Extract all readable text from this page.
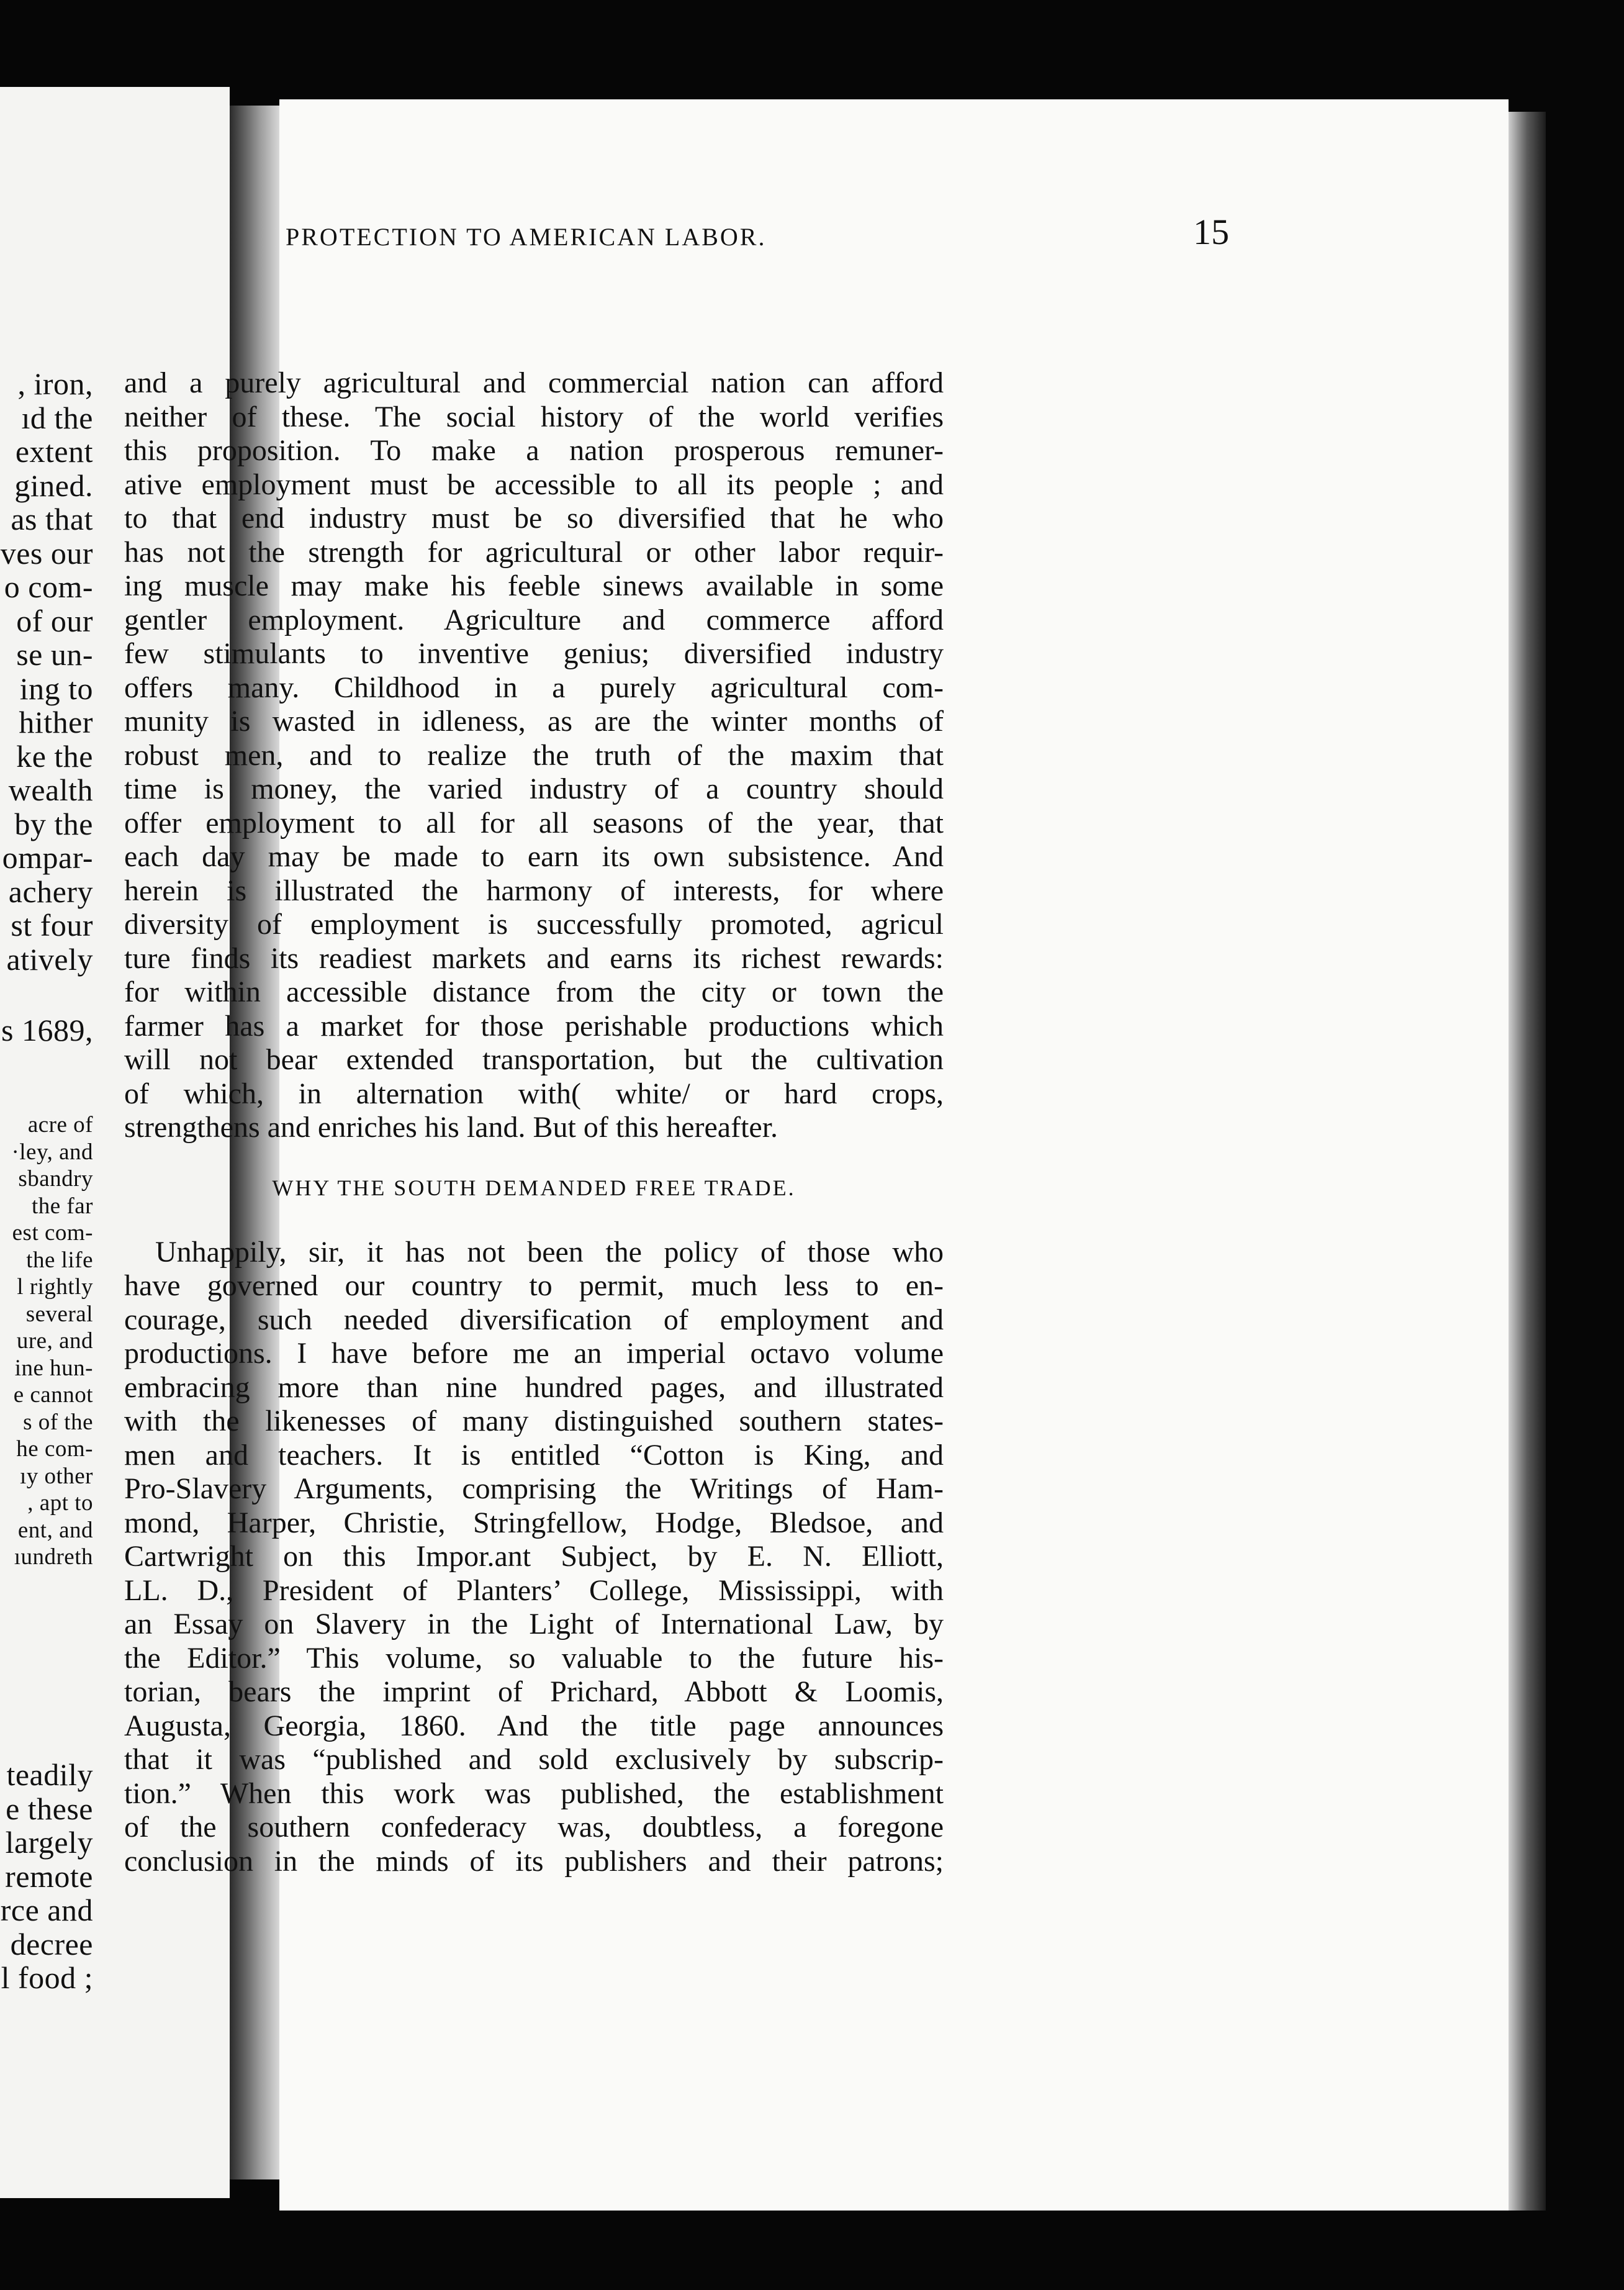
, iron,
ıd the
extent
gined.
as that
ves our
o com-
of our
se un-
ing to
hither
ke the
wealth
by the
ompar-
achery
st four
atively
s 1689,
acre of
·ley, and
sbandry
the far
est com-
the life
l rightly
several
ure, and
ine hun-
e cannot
s of the
he com-
ıy other
, apt to
ent, and
ıundreth
teadily
e these
largely
remote
rce and
decree
l food ;
PROTECTION TO AMERICAN LABOR.	15
and a purely agricultural and commercial nation can afford
neither of these. The social history of the world verifies
this proposition. To make a nation prosperous remuner-
ative employment must be accessible to all its people ; and
to that end industry must be so diversified that he who
has not the strength for agricultural or other labor requir-
ing muscle may make his feeble sinews available in some
gentler employment. Agriculture and commerce afford
few stimulants to inventive genius; diversified industry
offers many. Childhood in a purely agricultural com-
munity is wasted in idleness, as are the winter months of
robust men, and to realize the truth of the maxim that
time is money, the varied industry of a country should
offer employment to all for all seasons of the year, that
each day may be made to earn its own subsistence. And
herein is illustrated the harmony of interests, for where
diversity of employment is successfully promoted, agricul
ture finds its readiest markets and earns its richest rewards:
for within accessible distance from the city or town the
farmer has a market for those perishable productions which
will not bear extended transportation, but the cultivation
of which, in alternation with( white/ or hard crops,
strengthens and enriches his land. But of this hereafter.
WHY THE SOUTH DEMANDED FREE TRADE.
Unhappily, sir, it has not been the policy of those who
have governed our country to permit, much less to en-
courage, such needed diversification of employment and
productions. I have before me an imperial octavo volume
embracing more than nine hundred pages, and illustrated
with the likenesses of many distinguished southern states-
men and teachers. It is entitled “Cotton is King, and
Pro-Slavery Arguments, comprising the Writings of Ham-
mond, Harper, Christie, Stringfellow, Hodge, Bledsoe, and
Cartwright on this Impor.ant Subject, by E. N. Elliott,
LL. D., President of Planters’ College, Mississippi, with
an Essay on Slavery in the Light of International Law, by
the Editor.” This volume, so valuable to the future his-
torian, bears the imprint of Prichard, Abbott & Loomis,
Augusta, Georgia, 1860. And the title page announces
that it was “published and sold exclusively by subscrip-
tion.” When this work was published, the establishment
of the southern confederacy was, doubtless, a foregone
conclusion in the minds of its publishers and their patrons;
